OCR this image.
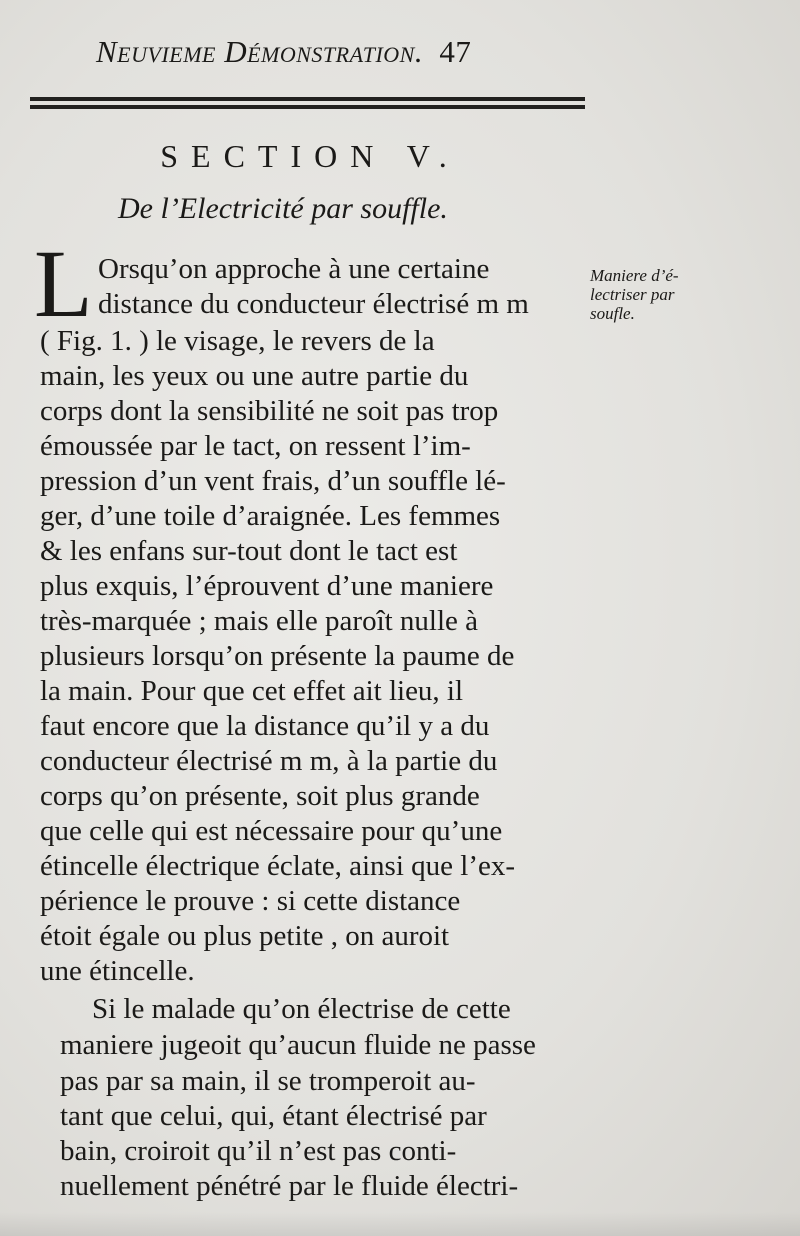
Neuvieme Démonstration. 47
SECTION V.
De l’Electricité par souffle.
L	Maniere d’é-
lectriser par
soufle.
Orsqu’on approche à une certaine
distance du conducteur électrisé m m
( Fig. 1. ) le visage, le revers de la
main, les yeux ou une autre partie du
corps dont la sensibilité ne soit pas trop
émoussée par le tact, on ressent l’im-
pression d’un vent frais, d’un souffle lé-
ger, d’une toile d’araignée. Les femmes
& les enfans sur-tout dont le tact est
plus exquis, l’éprouvent d’une maniere
très-marquée ; mais elle paroît nulle à
plusieurs lorsqu’on présente la paume de
la main. Pour que cet effet ait lieu, il
faut encore que la distance qu’il y a du
conducteur électrisé m m, à la partie du
corps qu’on présente, soit plus grande
que celle qui est nécessaire pour qu’une
étincelle électrique éclate, ainsi que l’ex-
périence le prouve : si cette distance
étoit égale ou plus petite , on auroit
une étincelle.
Si le malade qu’on électrise de cette
maniere jugeoit qu’aucun fluide ne passe
pas par sa main, il se tromperoit au-
tant que celui, qui, étant électrisé par
bain, croiroit qu’il n’est pas conti-
nuellement pénétré par le fluide électri-
